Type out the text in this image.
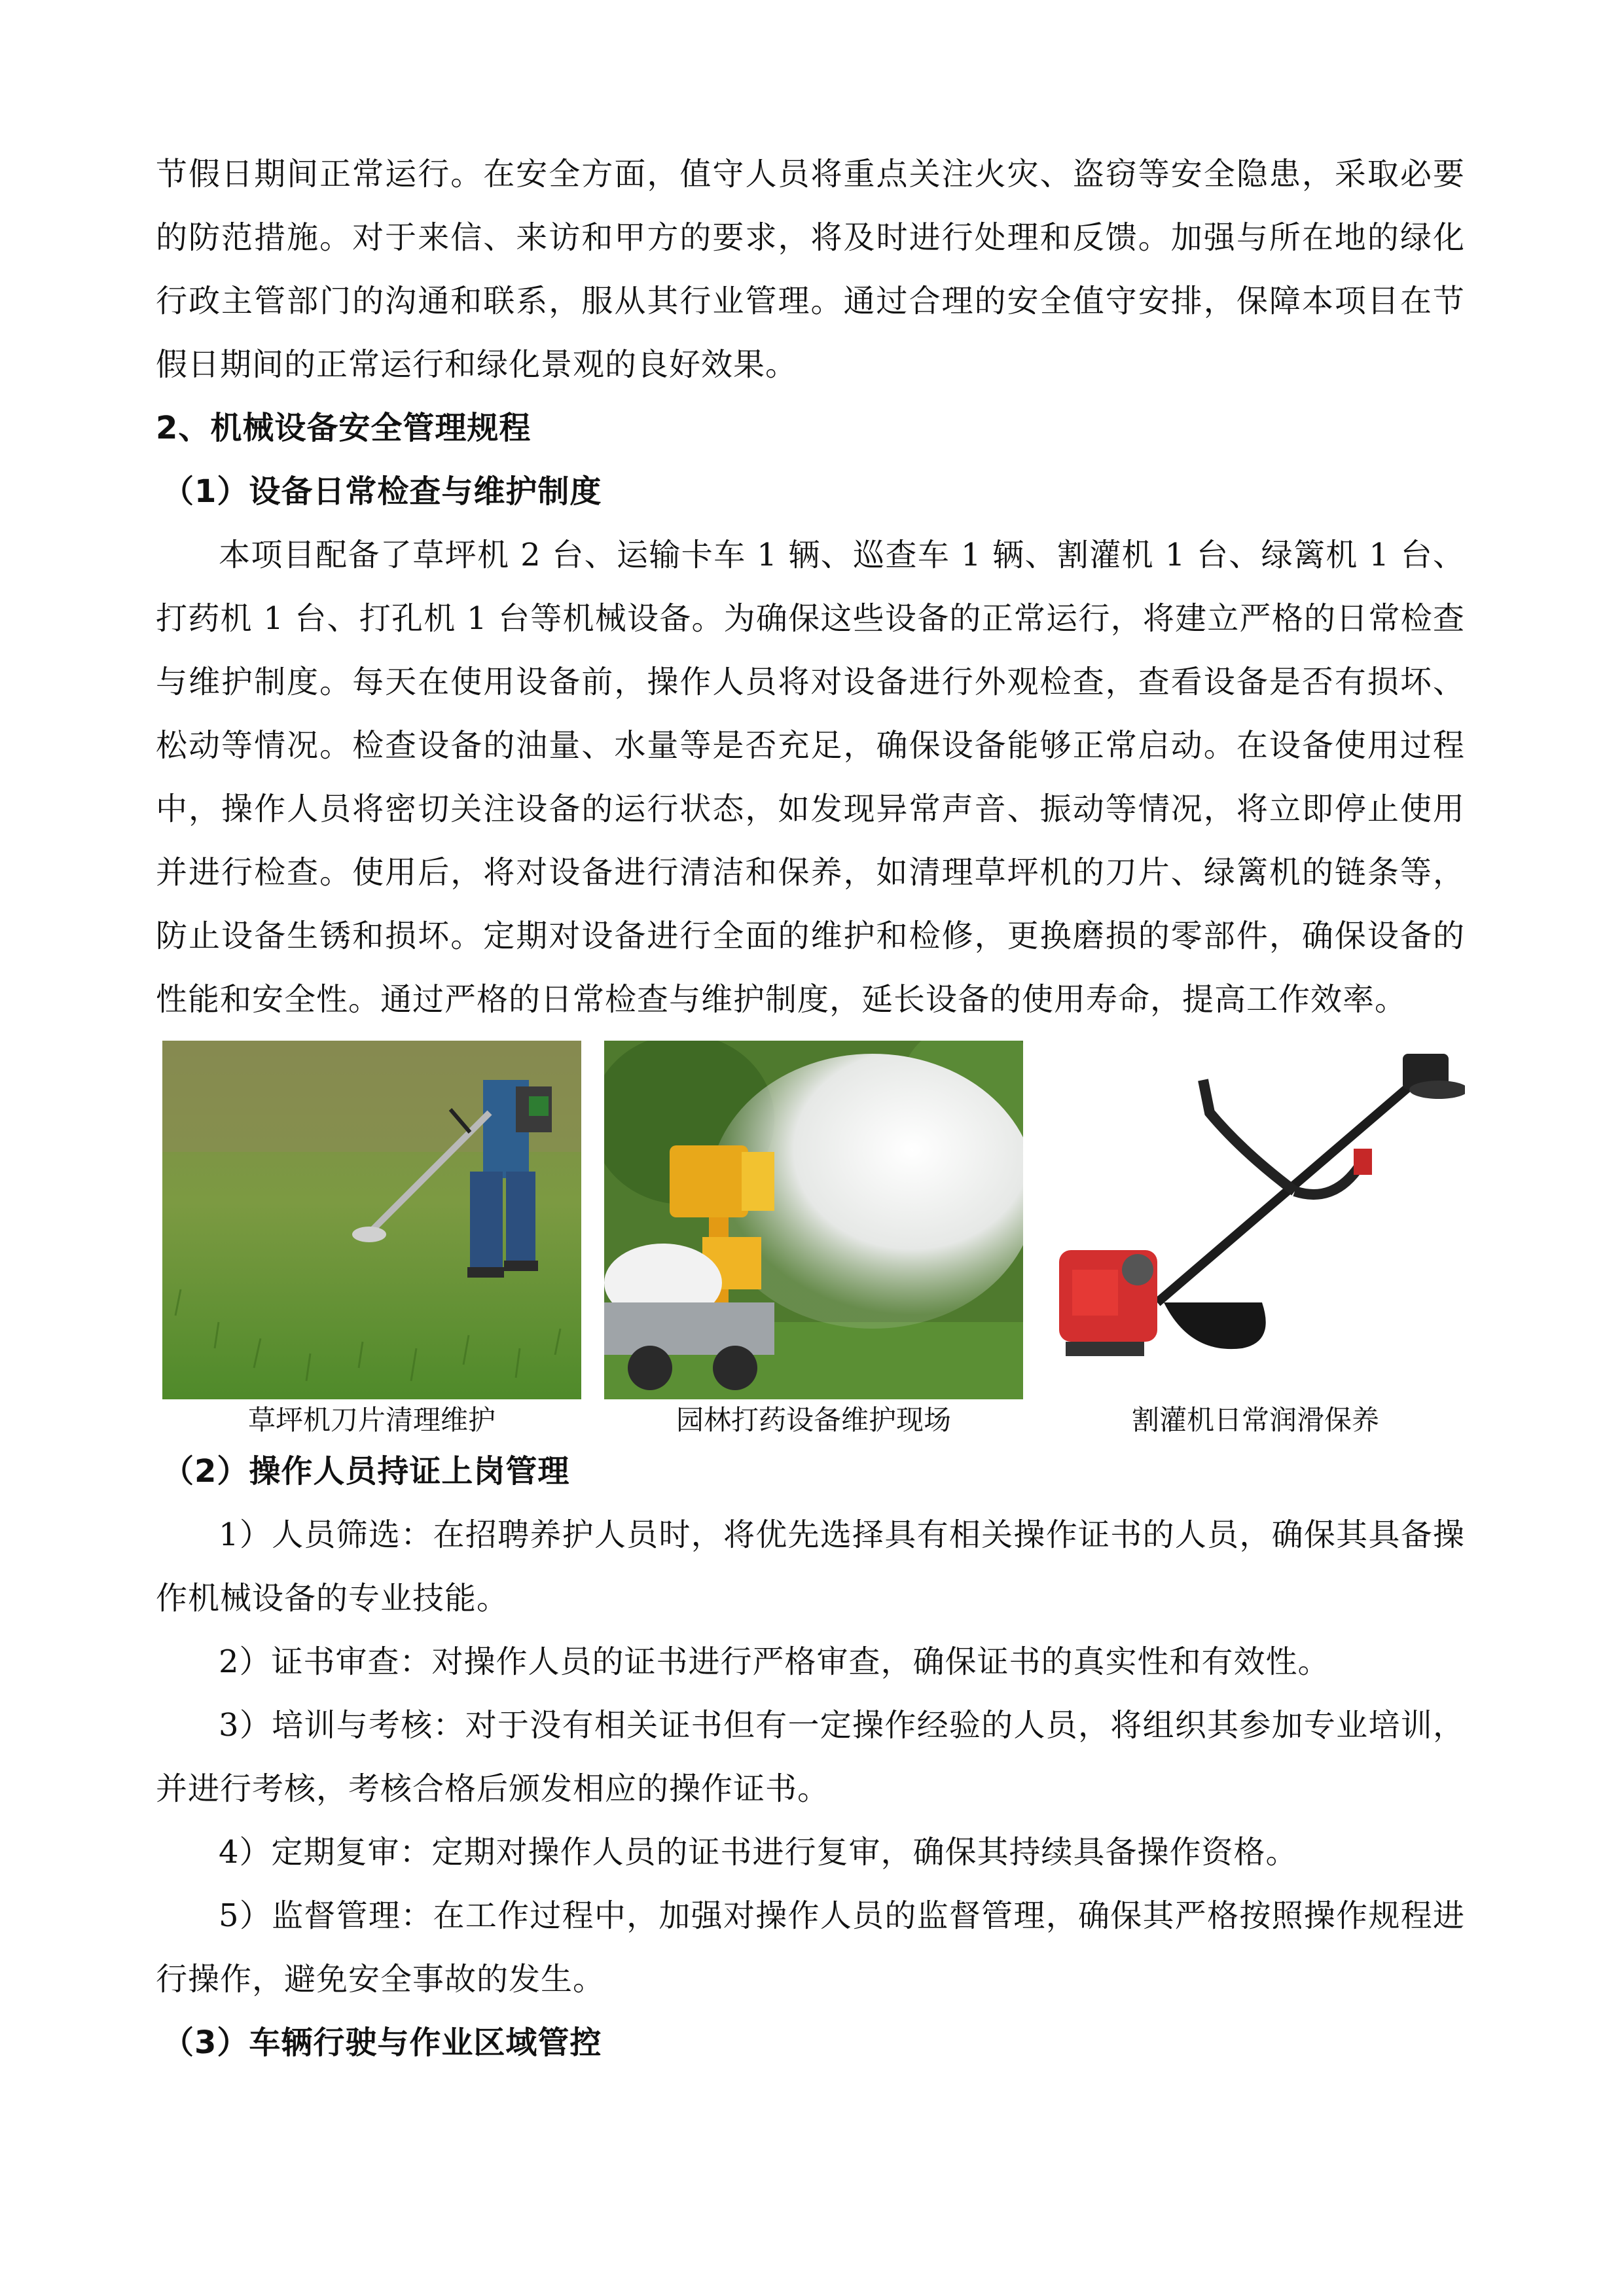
节假日期间正常运行。在安全方面，值守人员将重点关注火灾、盗窃等安全隐患，采取必要的防范措施。对于来信、来访和甲方的要求，将及时进行处理和反馈。加强与所在地的绿化行政主管部门的沟通和联系，服从其行业管理。通过合理的安全值守安排，保障本项目在节假日期间的正常运行和绿化景观的良好效果。

2、机械设备安全管理规程

（1）设备日常检查与维护制度

本项目配备了草坪机 2 台、运输卡车 1 辆、巡查车 1 辆、割灌机 1 台、绿篱机 1 台、打药机 1 台、打孔机 1 台等机械设备。为确保这些设备的正常运行，将建立严格的日常检查与维护制度。每天在使用设备前，操作人员将对设备进行外观检查，查看设备是否有损坏、松动等情况。检查设备的油量、水量等是否充足，确保设备能够正常启动。在设备使用过程中，操作人员将密切关注设备的运行状态，如发现异常声音、振动等情况，将立即停止使用并进行检查。使用后，将对设备进行清洁和保养，如清理草坪机的刀片、绿篱机的链条等，防止设备生锈和损坏。定期对设备进行全面的维护和检修，更换磨损的零部件，确保设备的性能和安全性。通过严格的日常检查与维护制度，延长设备的使用寿命，提高工作效率。

草坪机刀片清理维护	园林打药设备维护现场	割灌机日常润滑保养

（2）操作人员持证上岗管理

1）人员筛选：在招聘养护人员时，将优先选择具有相关操作证书的人员，确保其具备操作机械设备的专业技能。

2）证书审查：对操作人员的证书进行严格审查，确保证书的真实性和有效性。

3）培训与考核：对于没有相关证书但有一定操作经验的人员，将组织其参加专业培训，并进行考核，考核合格后颁发相应的操作证书。

4）定期复审：定期对操作人员的证书进行复审，确保其持续具备操作资格。

5）监督管理：在工作过程中，加强对操作人员的监督管理，确保其严格按照操作规程进行操作，避免安全事故的发生。

（3）车辆行驶与作业区域管控
